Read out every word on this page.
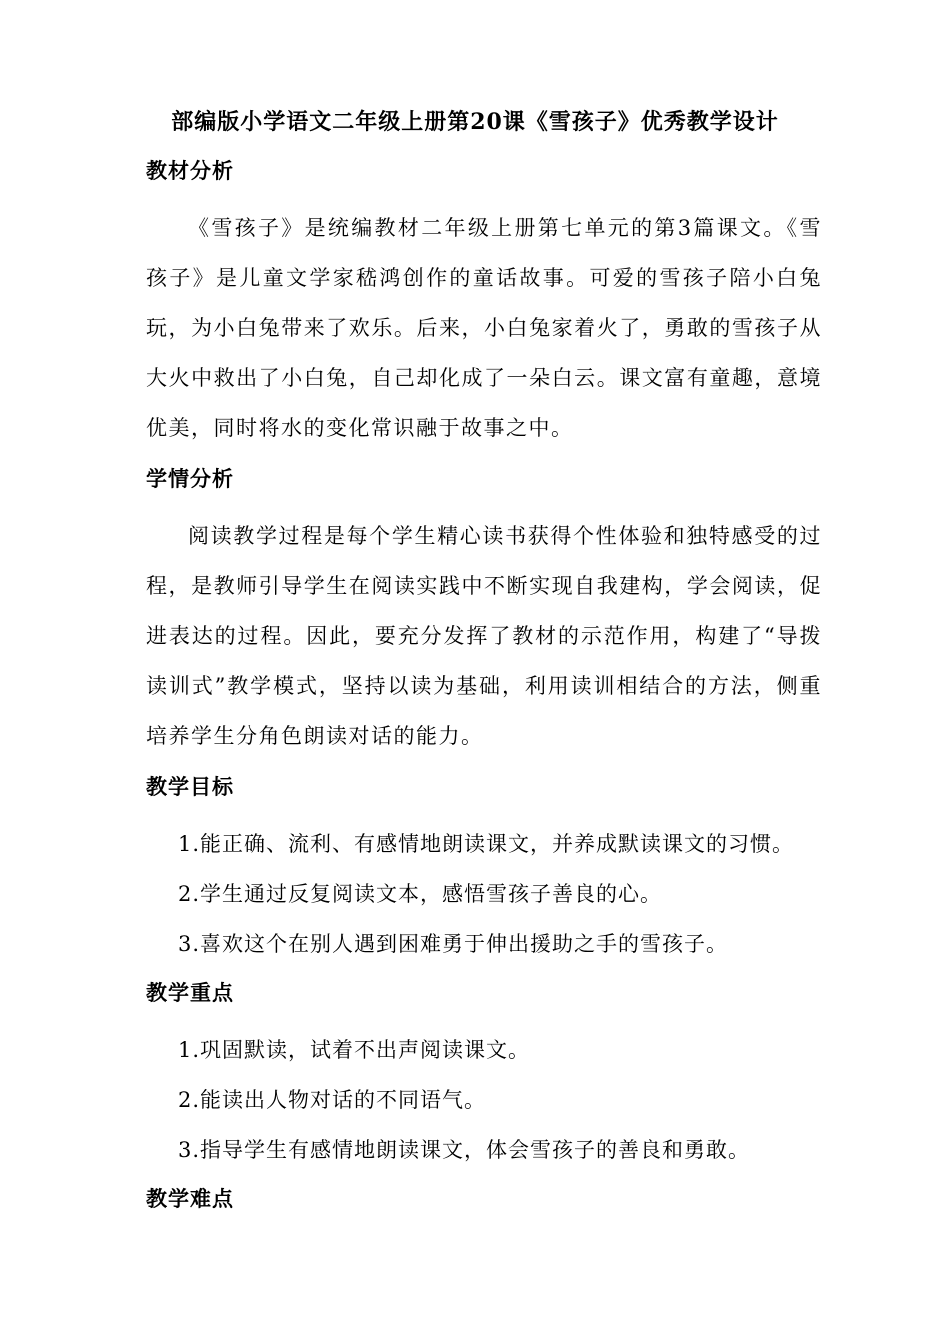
部编版小学语文二年级上册第20课《雪孩子》优秀教学设计
教材分析

《雪孩子》是统编教材二年级上册第七单元的第3篇课文。《雪孩子》是儿童文学家嵇鸿创作的童话故事。可爱的雪孩子陪小白兔玩，为小白兔带来了欢乐。后来，小白兔家着火了，勇敢的雪孩子从大火中救出了小白兔，自己却化成了一朵白云。课文富有童趣，意境优美，同时将水的变化常识融于故事之中。

学情分析

阅读教学过程是每个学生精心读书获得个性体验和独特感受的过程，是教师引导学生在阅读实践中不断实现自我建构，学会阅读，促进表达的过程。因此，要充分发挥了教材的示范作用，构建了“导拨读训式”教学模式，坚持以读为基础，利用读训相结合的方法，侧重培养学生分角色朗读对话的能力。

教学目标

1.能正确、流利、有感情地朗读课文，并养成默读课文的习惯。

2.学生通过反复阅读文本，感悟雪孩子善良的心。

3.喜欢这个在别人遇到困难勇于伸出援助之手的雪孩子。

教学重点

1.巩固默读，试着不出声阅读课文。

2.能读出人物对话的不同语气。

3.指导学生有感情地朗读课文，体会雪孩子的善良和勇敢。

教学难点
